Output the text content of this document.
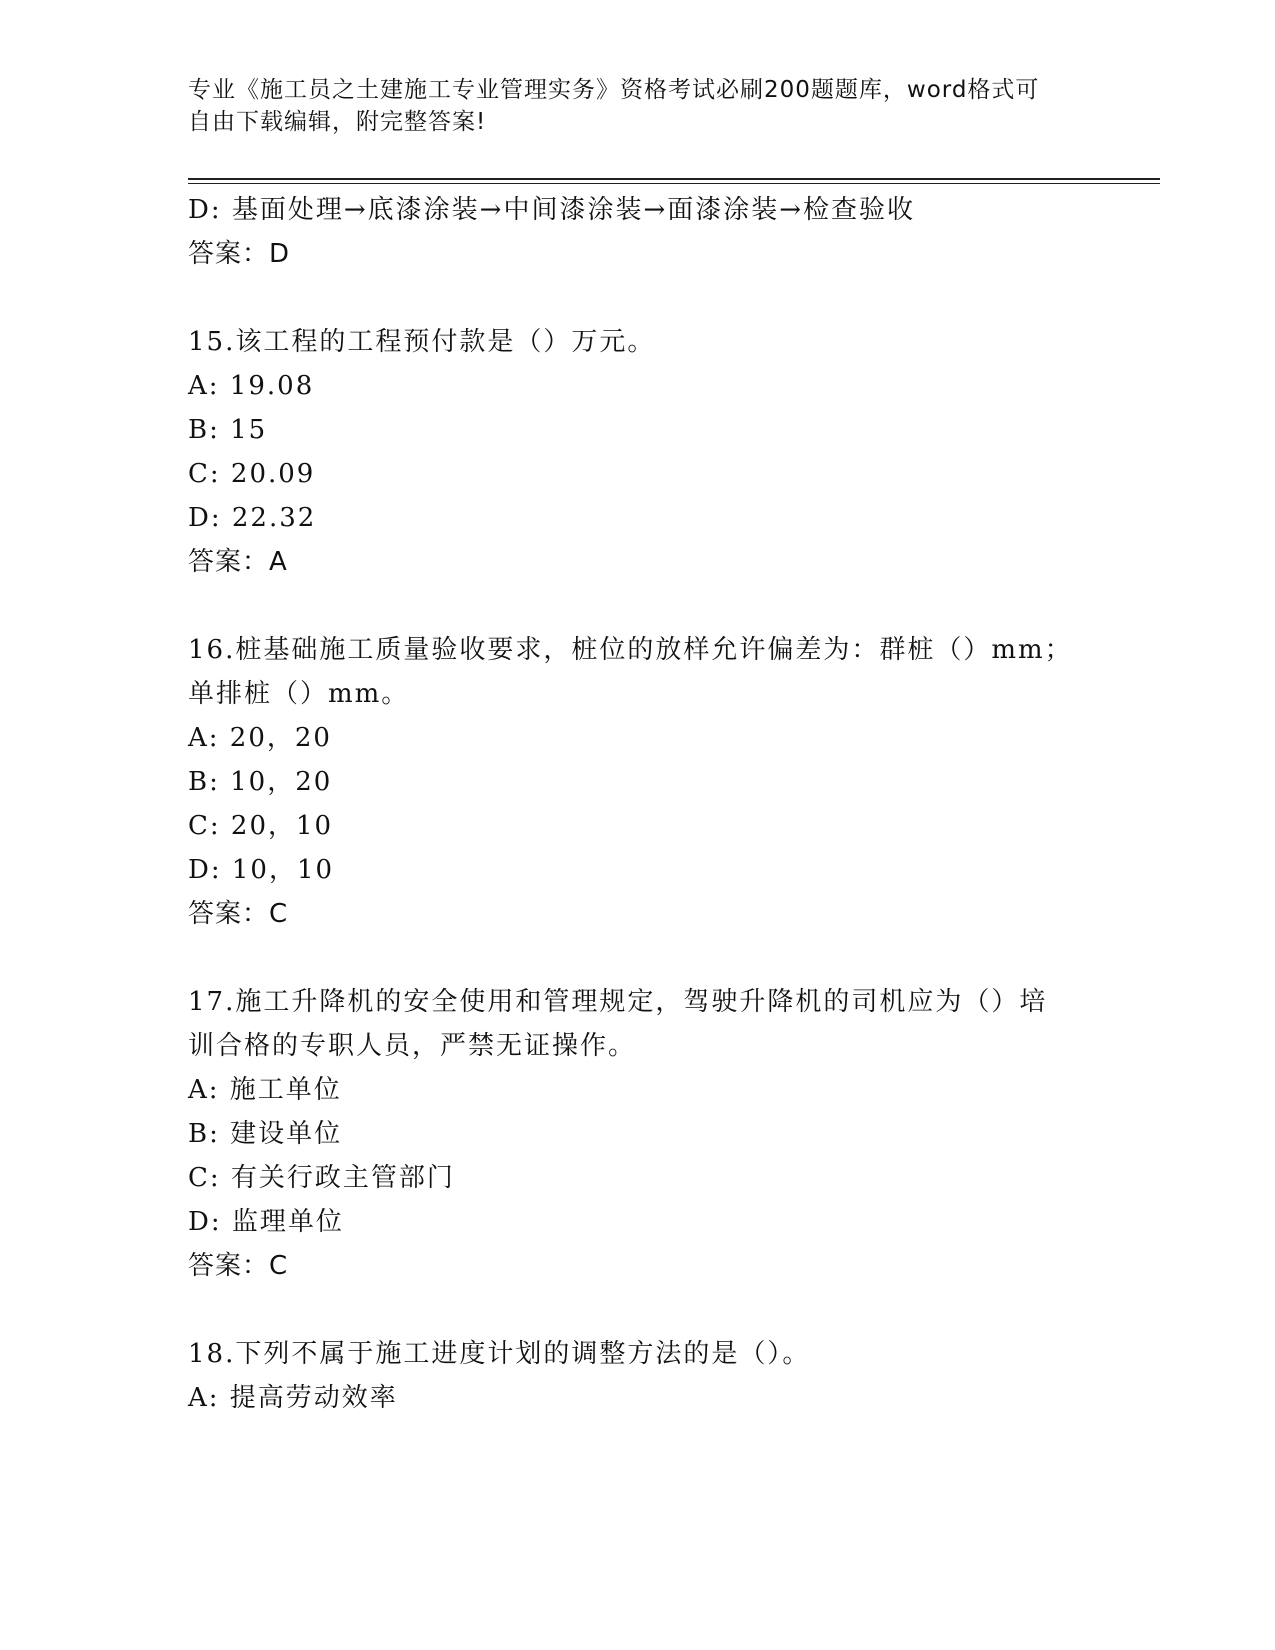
专业《施工员之土建施工专业管理实务》资格考试必刷200题题库，word格式可
自由下载编辑，附完整答案!
D: 基面处理→底漆涂装→中间漆涂装→面漆涂装→检查验收
答案：D
15.该工程的工程预付款是（）万元。
A: 19.08
B: 15
C: 20.09
D: 22.32
答案：A
16.桩基础施工质量验收要求，桩位的放样允许偏差为：群桩（）mm；
单排桩（）mm。
A: 20，20
B: 10，20
C: 20，10
D: 10，10
答案：C
17.施工升降机的安全使用和管理规定，驾驶升降机的司机应为（）培
训合格的专职人员，严禁无证操作。
A: 施工单位
B: 建设单位
C: 有关行政主管部门
D: 监理单位
答案：C
18.下列不属于施工进度计划的调整方法的是（）。
A: 提高劳动效率
